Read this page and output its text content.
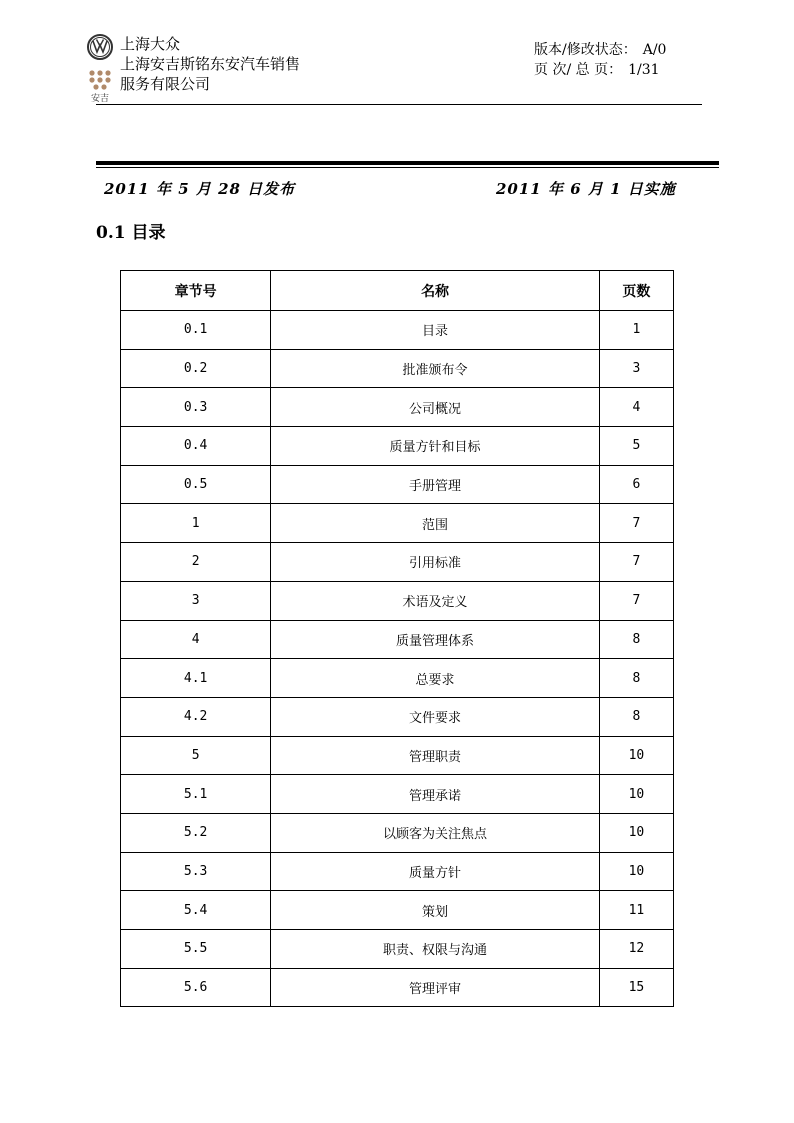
安吉
上海大众
上海安吉斯铭东安汽车销售
服务有限公司
版本/修改状态： A/0
页 次/ 总 页： 1/31
2011 年 5 月 28 日发布	2011 年 6 月 1 日实施
0.1 目录
章节号	名称	页数
0.1	目录	1
0.2	批准颁布令	3
0.3	公司概况	4
0.4	质量方针和目标	5
0.5	手册管理	6
1	范围	7
2	引用标准	7
3	术语及定义	7
4	质量管理体系	8
4.1	总要求	8
4.2	文件要求	8
5	管理职责	10
5.1	管理承诺	10
5.2	以顾客为关注焦点	10
5.3	质量方针	10
5.4	策划	11
5.5	职责、权限与沟通	12
5.6	管理评审	15
